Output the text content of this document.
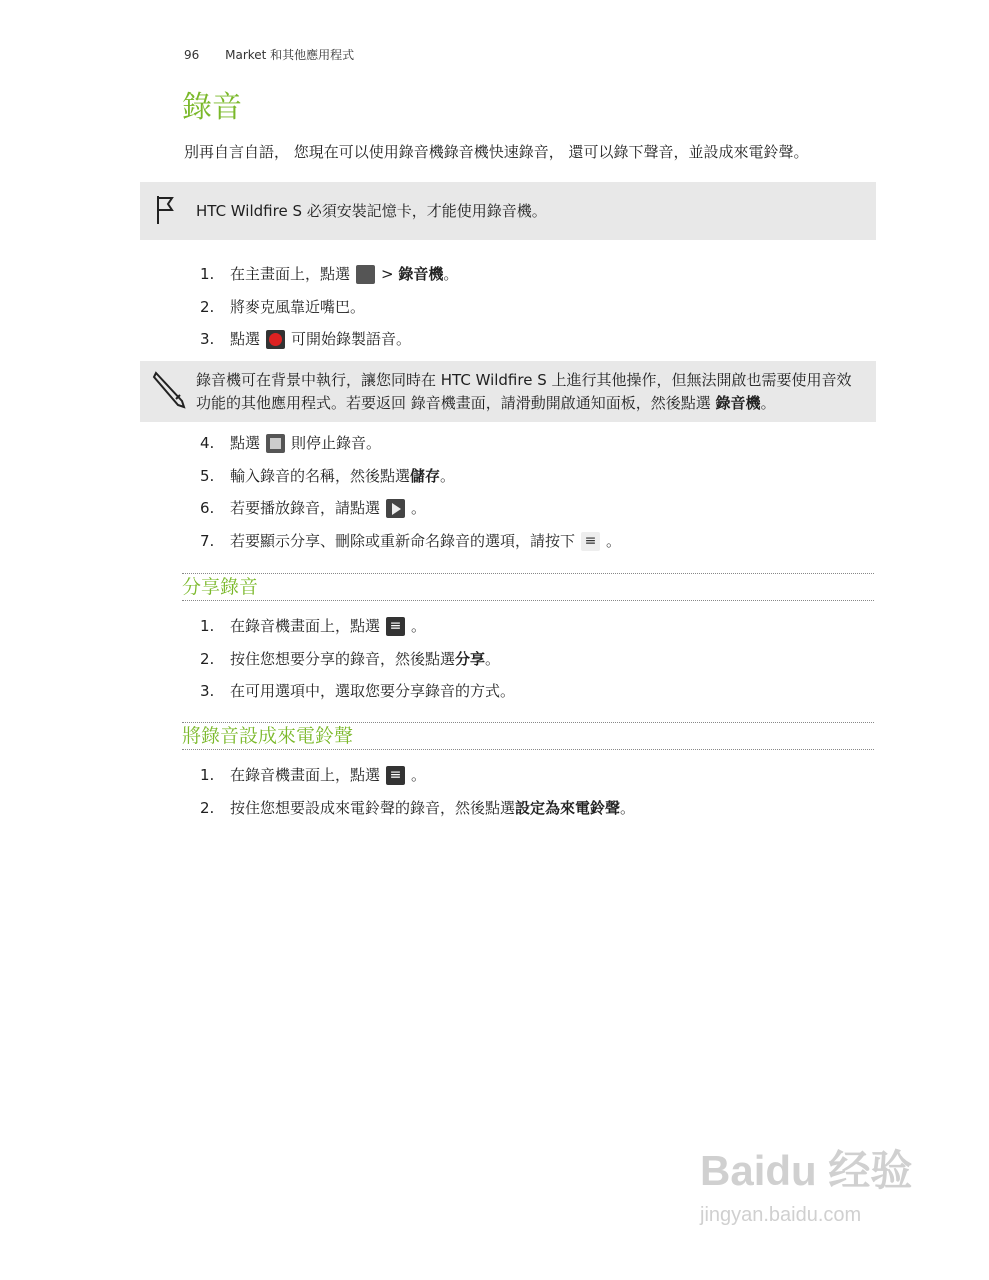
96 Market 和其他應用程式
錄音

別再自言自語， 您現在可以使用錄音機錄音機快速錄音， 還可以錄下聲音，並設成來電鈴聲。

HTC Wildfire S 必須安裝記憶卡，才能使用錄音機。
1. 在主畫面上，點選 > 錄音機。
2. 將麥克風靠近嘴巴。
3. 點選 可開始錄製語音。
錄音機可在背景中執行，讓您同時在 HTC Wildfire S 上進行其他操作，但無法開啟也需要使用音效功能的其他應用程式。若要返回 錄音機畫面，請滑動開啟通知面板，然後點選 錄音機。
4. 點選 則停止錄音。
5. 輸入錄音的名稱，然後點選儲存。
6. 若要播放錄音，請點選 。
7. 若要顯示分享、刪除或重新命名錄音的選項，請按下 ≡ 。
分享錄音
1. 在錄音機畫面上，點選 ≡ 。
2. 按住您想要分享的錄音，然後點選分享。
3. 在可用選項中，選取您要分享錄音的方式。
將錄音設成來電鈴聲
1. 在錄音機畫面上，點選 ≡ 。
2. 按住您想要設成來電鈴聲的錄音，然後點選設定為來電鈴聲。
Baidu 经验
jingyan.baidu.com
